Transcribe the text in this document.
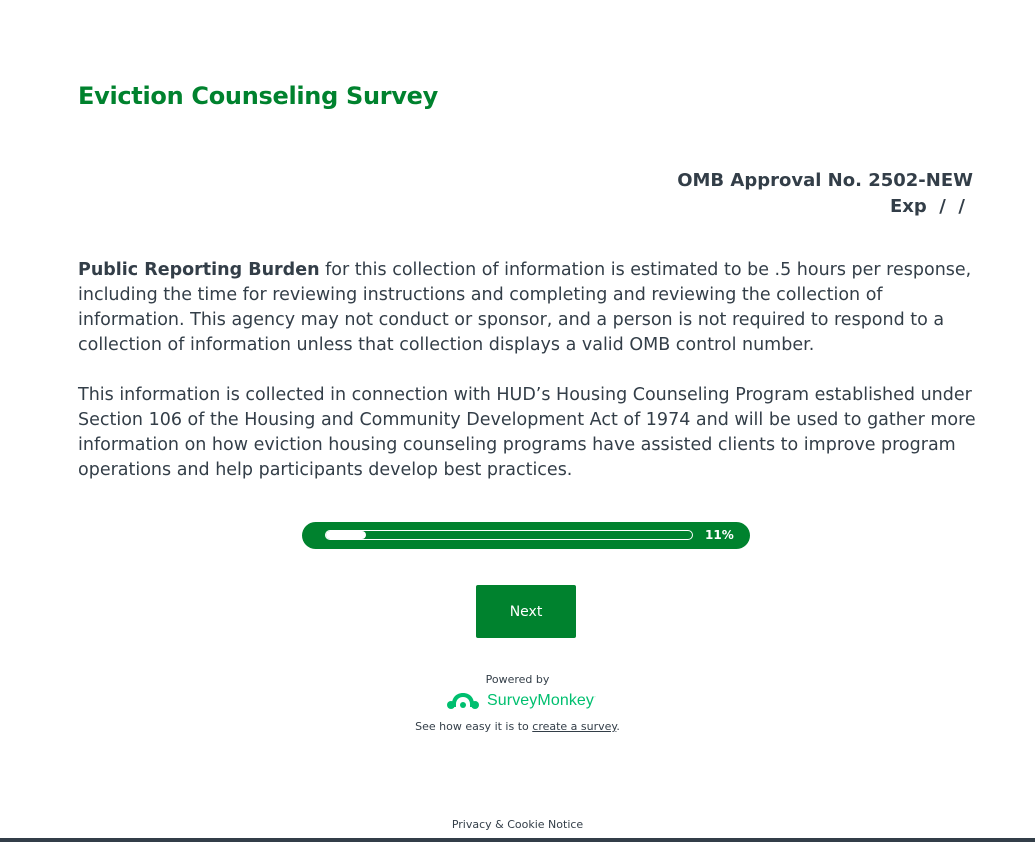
Eviction Counseling Survey
OMB Approval No. 2502-NEW
Exp  /  /

Public Reporting Burden for this collection of information is estimated to be .5 hours per response, including the time for reviewing instructions and completing and reviewing the collection of information. This agency may not conduct or sponsor, and a person is not required to respond to a collection of information unless that collection displays a valid OMB control number.

This information is collected in connection with HUD’s Housing Counseling Program established under Section 106 of the Housing and Community Development Act of 1974 and will be used to gather more information on how eviction housing counseling programs have assisted clients to improve program operations and help participants develop best practices.

11%
Next
Powered by
SurveyMonkey·
See how easy it is to create a survey.
Privacy & Cookie Notice
